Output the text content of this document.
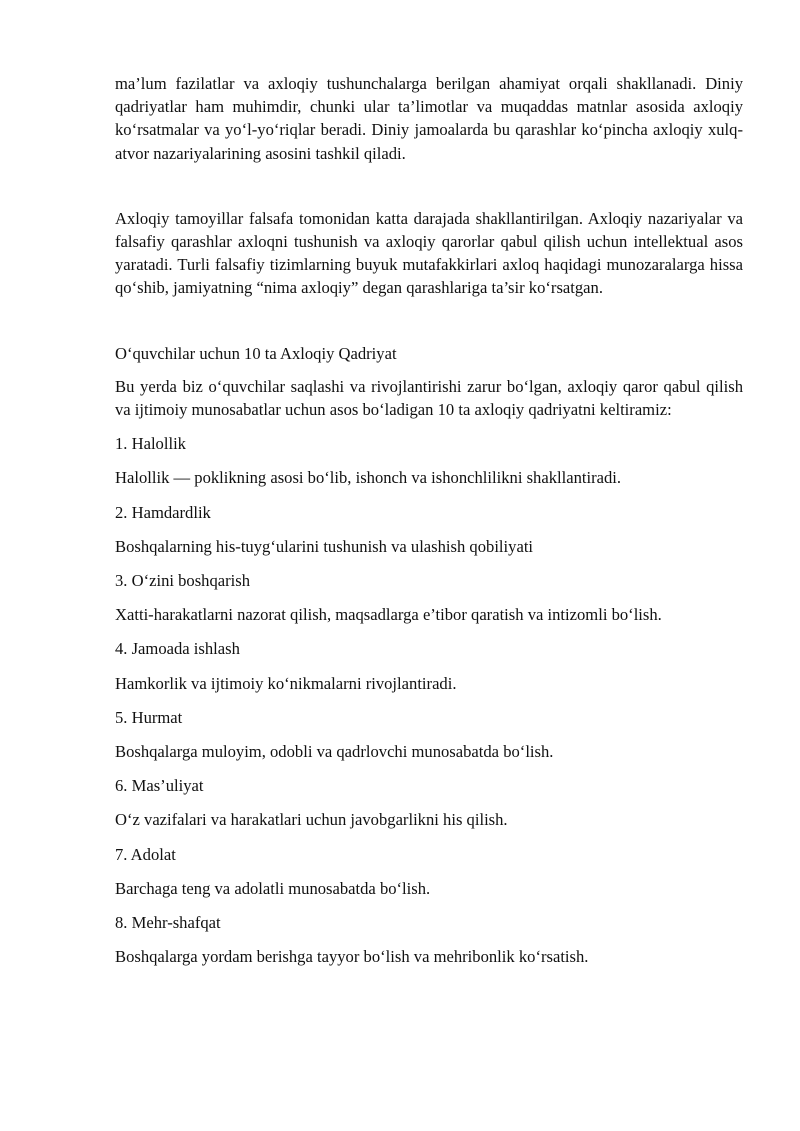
ma’lum fazilatlar va axloqiy tushunchalarga berilgan ahamiyat orqali shakllanadi. Diniy qadriyatlar ham muhimdir, chunki ular ta’limotlar va muqaddas matnlar asosida axloqiy ko‘rsatmalar va yo‘l-yo‘riqlar beradi. Diniy jamoalarda bu qarashlar ko‘pincha axloqiy xulq-atvor nazariyalarining asosini tashkil qiladi.

Axloqiy tamoyillar falsafa tomonidan katta darajada shakllantirilgan. Axloqiy nazariyalar va falsafiy qarashlar axloqni tushunish va axloqiy qarorlar qabul qilish uchun intellektual asos yaratadi. Turli falsafiy tizimlarning buyuk mutafakkirlari axloq haqidagi munozaralarga hissa qo‘shib, jamiyatning “nima axloqiy” degan qarashlariga ta’sir ko‘rsatgan.

O‘quvchilar uchun 10 ta Axloqiy Qadriyat

Bu yerda biz o‘quvchilar saqlashi va rivojlantirishi zarur bo‘lgan, axloqiy qaror qabul qilish va ijtimoiy munosabatlar uchun asos bo‘ladigan 10 ta axloqiy qadriyatni keltiramiz:

1. Halollik

Halollik — poklikning asosi bo‘lib, ishonch va ishonchlilikni shakllantiradi.

2. Hamdardlik

Boshqalarning his-tuyg‘ularini tushunish va ulashish qobiliyati

3. O‘zini boshqarish

Xatti-harakatlarni nazorat qilish, maqsadlarga e’tibor qaratish va intizomli bo‘lish.

4. Jamoada ishlash

Hamkorlik va ijtimoiy ko‘nikmalarni rivojlantiradi.

5. Hurmat

Boshqalarga muloyim, odobli va qadrlovchi munosabatda bo‘lish.

6. Mas’uliyat

O‘z vazifalari va harakatlari uchun javobgarlikni his qilish.

7. Adolat

Barchaga teng va adolatli munosabatda bo‘lish.

8. Mehr-shafqat

Boshqalarga yordam berishga tayyor bo‘lish va mehribonlik ko‘rsatish.
